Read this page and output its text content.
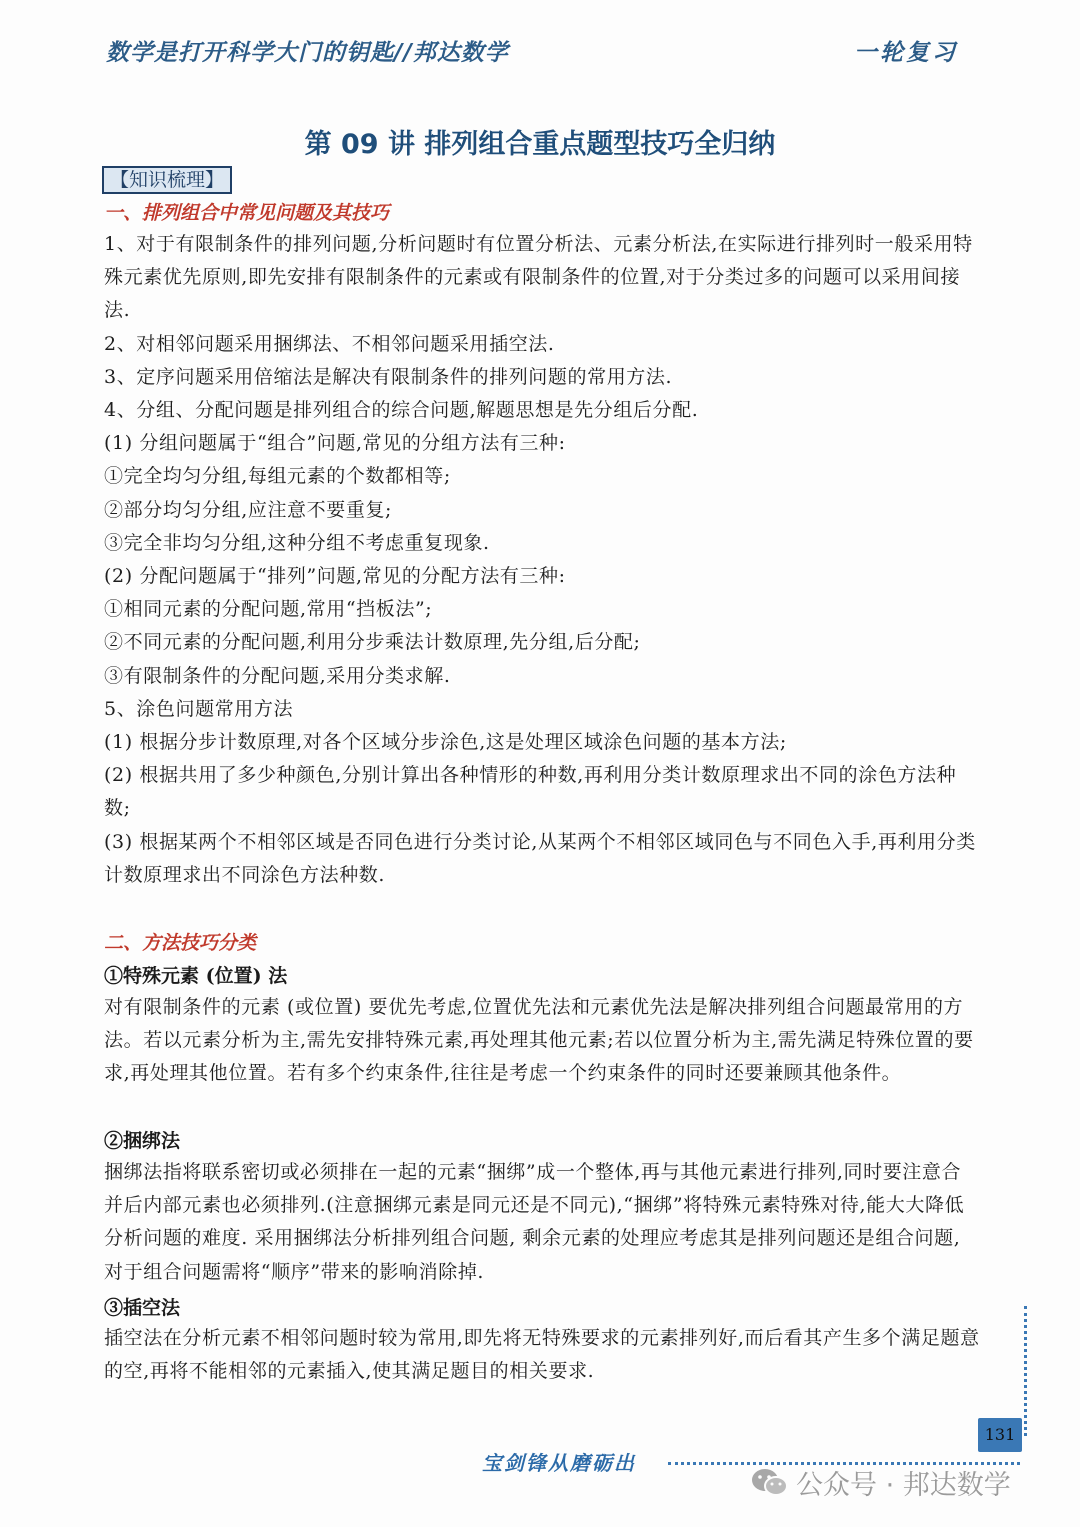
数学是打开科学大门的钥匙//邦达数学	一轮复习
第 09 讲 排列组合重点题型技巧全归纳
【知识梳理】
一、排列组合中常见问题及其技巧

1、对于有限制条件的排列问题,分析问题时有位置分析法、元素分析法,在实际进行排列时一般采用特殊元素优先原则,即先安排有限制条件的元素或有限制条件的位置,对于分类过多的问题可以采用间接法.

2、对相邻问题采用捆绑法、不相邻问题采用插空法.

3、定序问题采用倍缩法是解决有限制条件的排列问题的常用方法.

4、分组、分配问题是排列组合的综合问题,解题思想是先分组后分配.

(1) 分组问题属于“组合”问题,常见的分组方法有三种:

①完全均匀分组,每组元素的个数都相等;

②部分均匀分组,应注意不要重复;

③完全非均匀分组,这种分组不考虑重复现象.

(2) 分配问题属于“排列”问题,常见的分配方法有三种:

①相同元素的分配问题,常用“挡板法”;

②不同元素的分配问题,利用分步乘法计数原理,先分组,后分配;

③有限制条件的分配问题,采用分类求解.

5、涂色问题常用方法

(1) 根据分步计数原理,对各个区域分步涂色,这是处理区域涂色问题的基本方法;

(2) 根据共用了多少种颜色,分别计算出各种情形的种数,再利用分类计数原理求出不同的涂色方法种数;

(3) 根据某两个不相邻区域是否同色进行分类讨论,从某两个不相邻区域同色与不同色入手,再利用分类计数原理求出不同涂色方法种数.

二、方法技巧分类
①特殊元素 (位置) 法
对有限制条件的元素 (或位置) 要优先考虑,位置优先法和元素优先法是解决排列组合问题最常用的方法。若以元素分析为主,需先安排特殊元素,再处理其他元素;若以位置分析为主,需先满足特殊位置的要求,再处理其他位置。若有多个约束条件,往往是考虑一个约束条件的同时还要兼顾其他条件。
②捆绑法
捆绑法指将联系密切或必须排在一起的元素“捆绑”成一个整体,再与其他元素进行排列,同时要注意合并后内部元素也必须排列.(注意捆绑元素是同元还是不同元),“捆绑”将特殊元素特殊对待,能大大降低分析问题的难度. 采用捆绑法分析排列组合问题, 剩余元素的处理应考虑其是排列问题还是组合问题, 对于组合问题需将“顺序”带来的影响消除掉.
③插空法
插空法在分析元素不相邻问题时较为常用,即先将无特殊要求的元素排列好,而后看其产生多个满足题意的空,再将不能相邻的元素插入,使其满足题目的相关要求.
131
宝剑锋从磨砺出
公众号 · 邦达数学
